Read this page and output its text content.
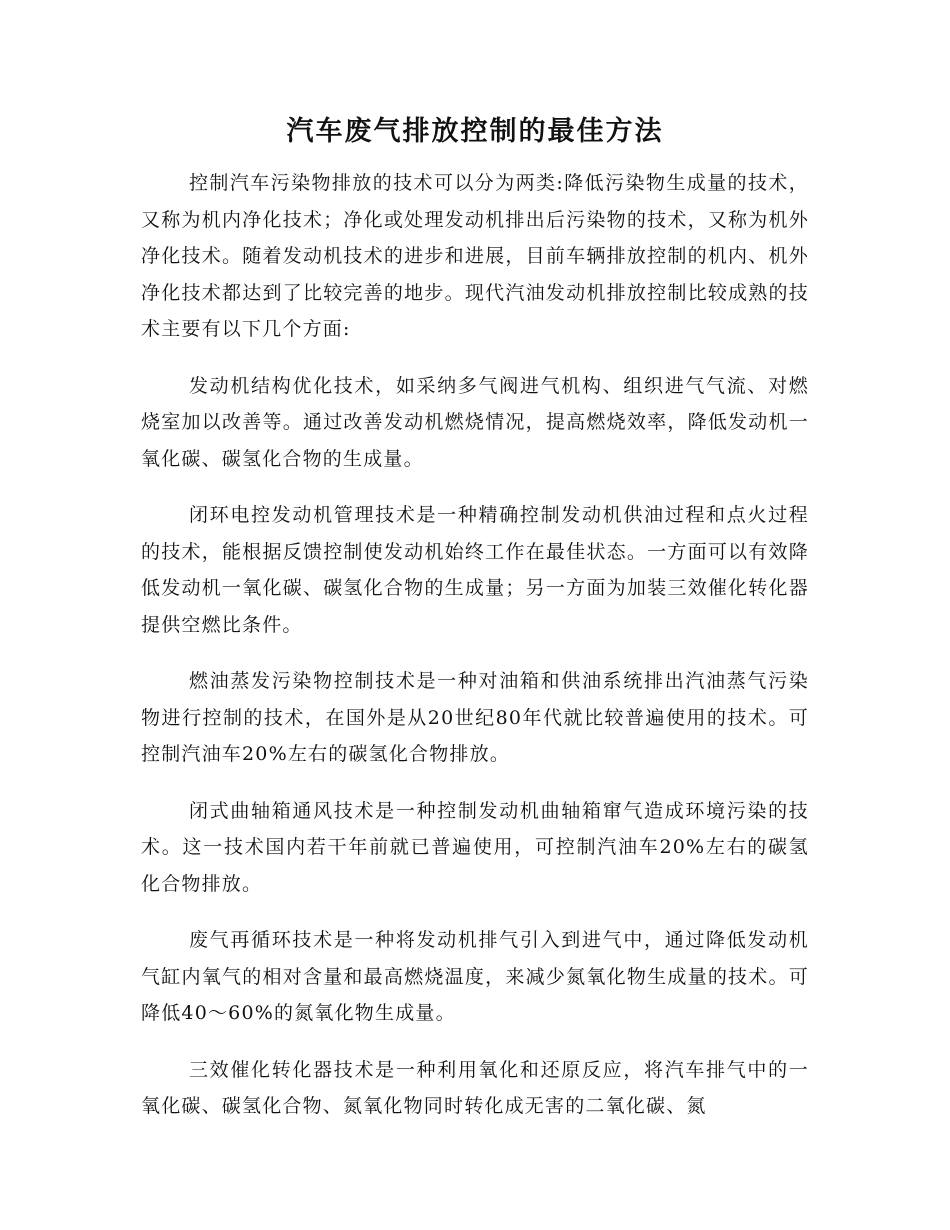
汽车废气排放控制的最佳方法

控制汽车污染物排放的技术可以分为两类:降低污染物生成量的技术，又称为机内净化技术；净化或处理发动机排出后污染物的技术，又称为机外净化技术。随着发动机技术的进步和进展，目前车辆排放控制的机内、机外净化技术都达到了比较完善的地步。现代汽油发动机排放控制比较成熟的技术主要有以下几个方面:

发动机结构优化技术，如采纳多气阀进气机构、组织进气气流、对燃烧室加以改善等。通过改善发动机燃烧情况，提高燃烧效率，降低发动机一氧化碳、碳氢化合物的生成量。

闭环电控发动机管理技术是一种精确控制发动机供油过程和点火过程的技术，能根据反馈控制使发动机始终工作在最佳状态。一方面可以有效降低发动机一氧化碳、碳氢化合物的生成量；另一方面为加装三效催化转化器提供空燃比条件。

燃油蒸发污染物控制技术是一种对油箱和供油系统排出汽油蒸气污染物进行控制的技术，在国外是从20世纪80年代就比较普遍使用的技术。可控制汽油车20%左右的碳氢化合物排放。

闭式曲轴箱通风技术是一种控制发动机曲轴箱窜气造成环境污染的技术。这一技术国内若干年前就已普遍使用，可控制汽油车20%左右的碳氢化合物排放。

废气再循环技术是一种将发动机排气引入到进气中，通过降低发动机气缸内氧气的相对含量和最高燃烧温度，来减少氮氧化物生成量的技术。可降低40～60%的氮氧化物生成量。

三效催化转化器技术是一种利用氧化和还原反应，将汽车排气中的一氧化碳、碳氢化合物、氮氧化物同时转化成无害的二氧化碳、氮
